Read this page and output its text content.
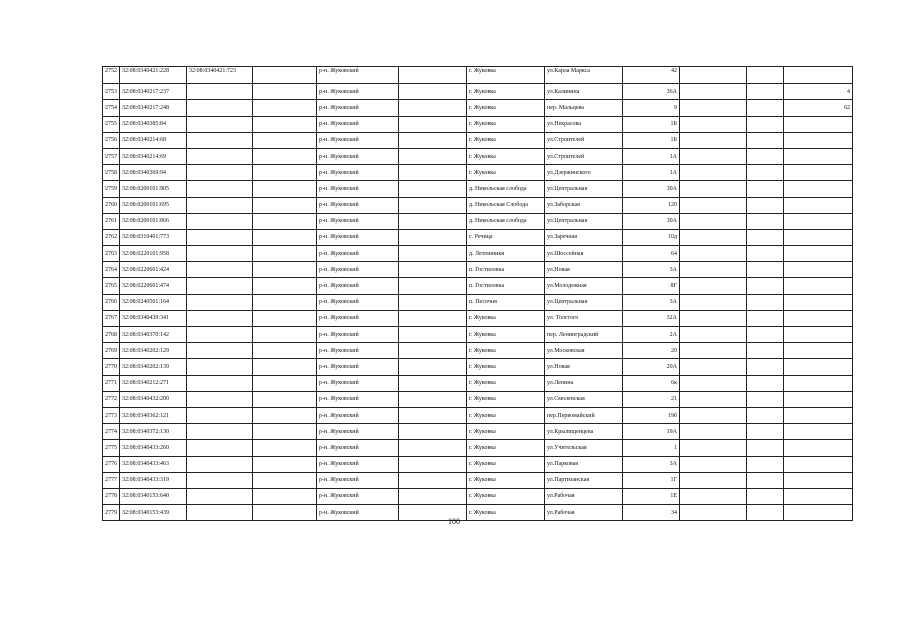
2752	32:08:0340421:228	32:08:0340421:723		р-н. Жуковский		г. Жуковка	ул.Карла Маркса	42			
2753	32:08:0340217:237			р-н. Жуковский		г. Жуковка	ул.Калинина	36А			4
2754	32:08:0340217:248			р-н. Жуковский		г. Жуковка	пер. Мальцева	9			62
2755	32:08:0340385:84			р-н. Жуковский		г. Жуковка	ул.Некрасова	1Б			
2756	32:08:0340214:68			р-н. Жуковский		г. Жуковка	ул.Строителей	1Б			
2757	32:08:0340214:69			р-н. Жуковский		г. Жуковка	ул.Строителей	1А			
2758	32:08:0340369:94			р-н. Жуковский		г. Жуковка	ул.Дзержинского	1А			
2759	32:08:0200101:905			р-н. Жуковский		д. Никольская слобода	ул.Центральная	30А			
2760	32:08:0200101:695			р-н. Жуковский		д. Никольская Слобода	ул.Заборская	120			
2761	32:08:0200101:866			р-н. Жуковский		д. Никольская слобода	ул.Центральная	30А			
2762	32:08:0310401:773			р-н. Жуковский		с. Речица	ул.Заречная	10д			
2763	32:08:0220101:958			р-н. Жуковский		д. Летошники	ул.Шоссейная	64			
2764	32:08:0220601:424			р-н. Жуковский		п. Гостиловка	ул.Новая	3А			
2765	32:08:0220601:474			р-н. Жуковский		п. Гостиловка	ул.Молодежная	8Г			
2766	32:08:0240501:164			р-н. Жуковский		п. Песочня	ул.Центральная	3А			
2767	32:08:0340439:341			р-н. Жуковский		г. Жуковка	ул. Толстого	32А			
2768	32:08:0340370:142			р-н. Жуковский		г. Жуковка	пер. Ленинградский	2А			
2769	32:08:0340202:129			р-н. Жуковский		г. Жуковка	ул.Московская	20			
2770	32:08:0340202:139			р-н. Жуковский		г. Жуковка	ул.Новая	20А			
2771	32:08:0340212:271			р-н. Жуковский		г. Жуковка	ул.Ленина	6к			
2772	32:08:0340432:200			р-н. Жуковский		г. Жуковка	ул.Смоленская	21			
2773	32:08:0340362:121			р-н. Жуковский		г. Жуковка	пер.Первомайский	19б			
2774	32:08:0340372:130			р-н. Жуковский		г. Жуковка	ул.Крылищенцева	19А			
2775	32:08:0340433:260			р-н. Жуковский		г. Жуковка	ул.Учительская	1			
2776	32:08:0340433:463			р-н. Жуковский		г. Жуковка	ул.Парковая	3А			
2777	32:08:0340433:319			р-н. Жуковский		г. Жуковка	ул.Партизанская	1Г			
2778	32:08:0340153:640			р-н. Жуковский		г. Жуковка	ул.Рабочая	1Е			
2779	32:08:0340153:439			р-н. Жуковский		г. Жуковка	ул.Рабочая	34			
100
